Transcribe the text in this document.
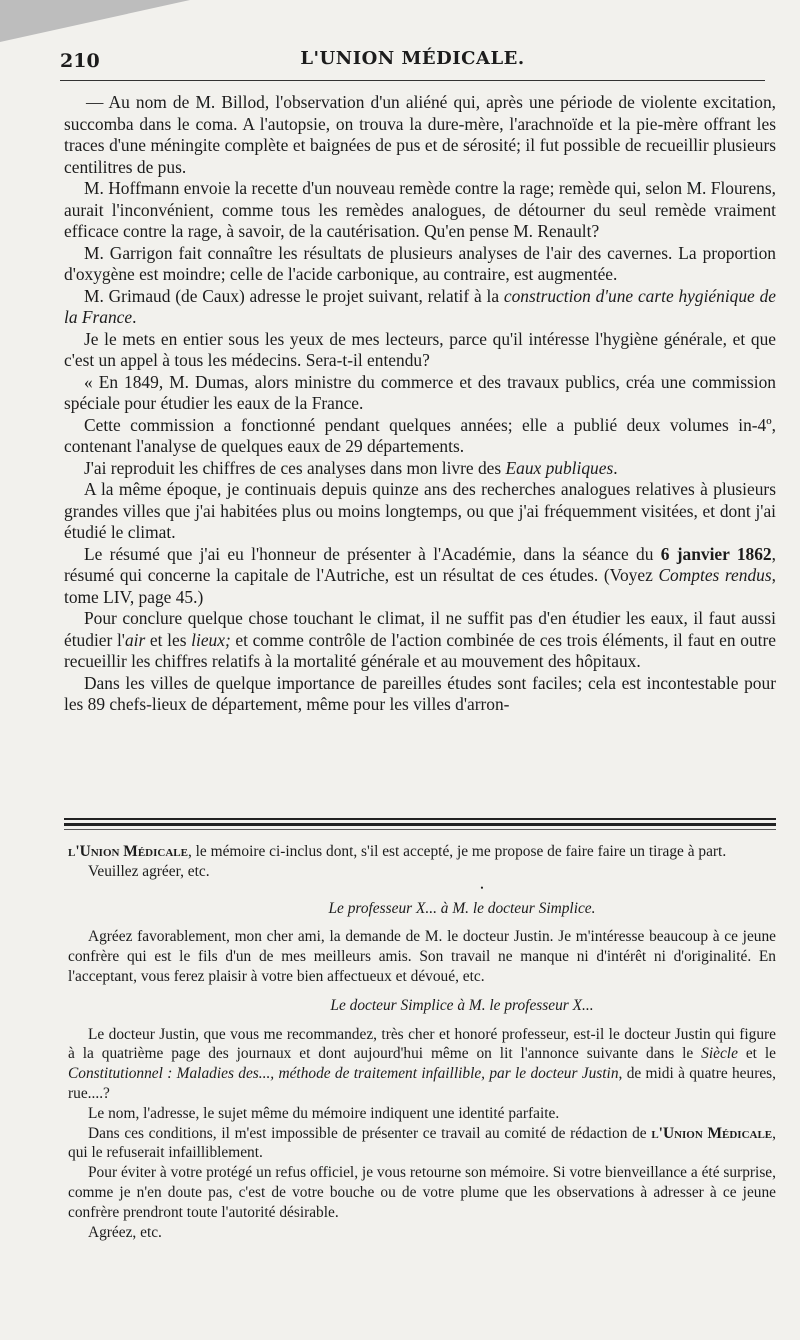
210	L'UNION MÉDICALE.

— Au nom de M. Billod, l'observation d'un aliéné qui, après une période de violente excitation, succomba dans le coma. A l'autopsie, on trouva la dure-mère, l'arachnoïde et la pie-mère offrant les traces d'une méningite complète et baignées de pus et de sérosité; il fut possible de recueillir plusieurs centilitres de pus.

M. Hoffmann envoie la recette d'un nouveau remède contre la rage; remède qui, selon M. Flourens, aurait l'inconvénient, comme tous les remèdes analogues, de détourner du seul remède vraiment efficace contre la rage, à savoir, de la cautérisation. Qu'en pense M. Renault?

M. Garrigon fait connaître les résultats de plusieurs analyses de l'air des cavernes. La proportion d'oxygène est moindre; celle de l'acide carbonique, au contraire, est augmentée.

M. Grimaud (de Caux) adresse le projet suivant, relatif à la construction d'une carte hygiénique de la France.

Je le mets en entier sous les yeux de mes lecteurs, parce qu'il intéresse l'hygiène générale, et que c'est un appel à tous les médecins. Sera-t-il entendu?

« En 1849, M. Dumas, alors ministre du commerce et des travaux publics, créa une commission spéciale pour étudier les eaux de la France.

Cette commission a fonctionné pendant quelques années; elle a publié deux volumes in-4º, contenant l'analyse de quelques eaux de 29 départements.

J'ai reproduit les chiffres de ces analyses dans mon livre des Eaux publiques.

A la même époque, je continuais depuis quinze ans des recherches analogues relatives à plusieurs grandes villes que j'ai habitées plus ou moins longtemps, ou que j'ai fréquemment visitées, et dont j'ai étudié le climat.

Le résumé que j'ai eu l'honneur de présenter à l'Académie, dans la séance du 6 janvier 1862, résumé qui concerne la capitale de l'Autriche, est un résultat de ces études. (Voyez Comptes rendus, tome LIV, page 45.)

Pour conclure quelque chose touchant le climat, il ne suffit pas d'en étudier les eaux, il faut aussi étudier l'air et les lieux; et comme contrôle de l'action combinée de ces trois éléments, il faut en outre recueillir les chiffres relatifs à la mortalité générale et au mouvement des hôpitaux.

Dans les villes de quelque importance de pareilles études sont faciles; cela est incontestable pour les 89 chefs-lieux de département, même pour les villes d'arron-

l'Union Médicale, le mémoire ci-inclus dont, s'il est accepté, je me propose de faire faire un tirage à part.

Veuillez agréer, etc.

•

Le professeur X... à M. le docteur Simplice.

Agréez favorablement, mon cher ami, la demande de M. le docteur Justin. Je m'intéresse beaucoup à ce jeune confrère qui est le fils d'un de mes meilleurs amis. Son travail ne manque ni d'intérêt ni d'originalité. En l'acceptant, vous ferez plaisir à votre bien affectueux et dévoué, etc.

Le docteur Simplice à M. le professeur X...

Le docteur Justin, que vous me recommandez, très cher et honoré professeur, est-il le docteur Justin qui figure à la quatrième page des journaux et dont aujourd'hui même on lit l'annonce suivante dans le Siècle et le Constitutionnel : Maladies des..., méthode de traitement infaillible, par le docteur Justin, de midi à quatre heures, rue....?

Le nom, l'adresse, le sujet même du mémoire indiquent une identité parfaite.

Dans ces conditions, il m'est impossible de présenter ce travail au comité de rédaction de l'Union Médicale, qui le refuserait infailliblement.

Pour éviter à votre protégé un refus officiel, je vous retourne son mémoire. Si votre bienveillance a été surprise, comme je n'en doute pas, c'est de votre bouche ou de votre plume que les observations à adresser à ce jeune confrère prendront toute l'autorité désirable.

Agréez, etc.
